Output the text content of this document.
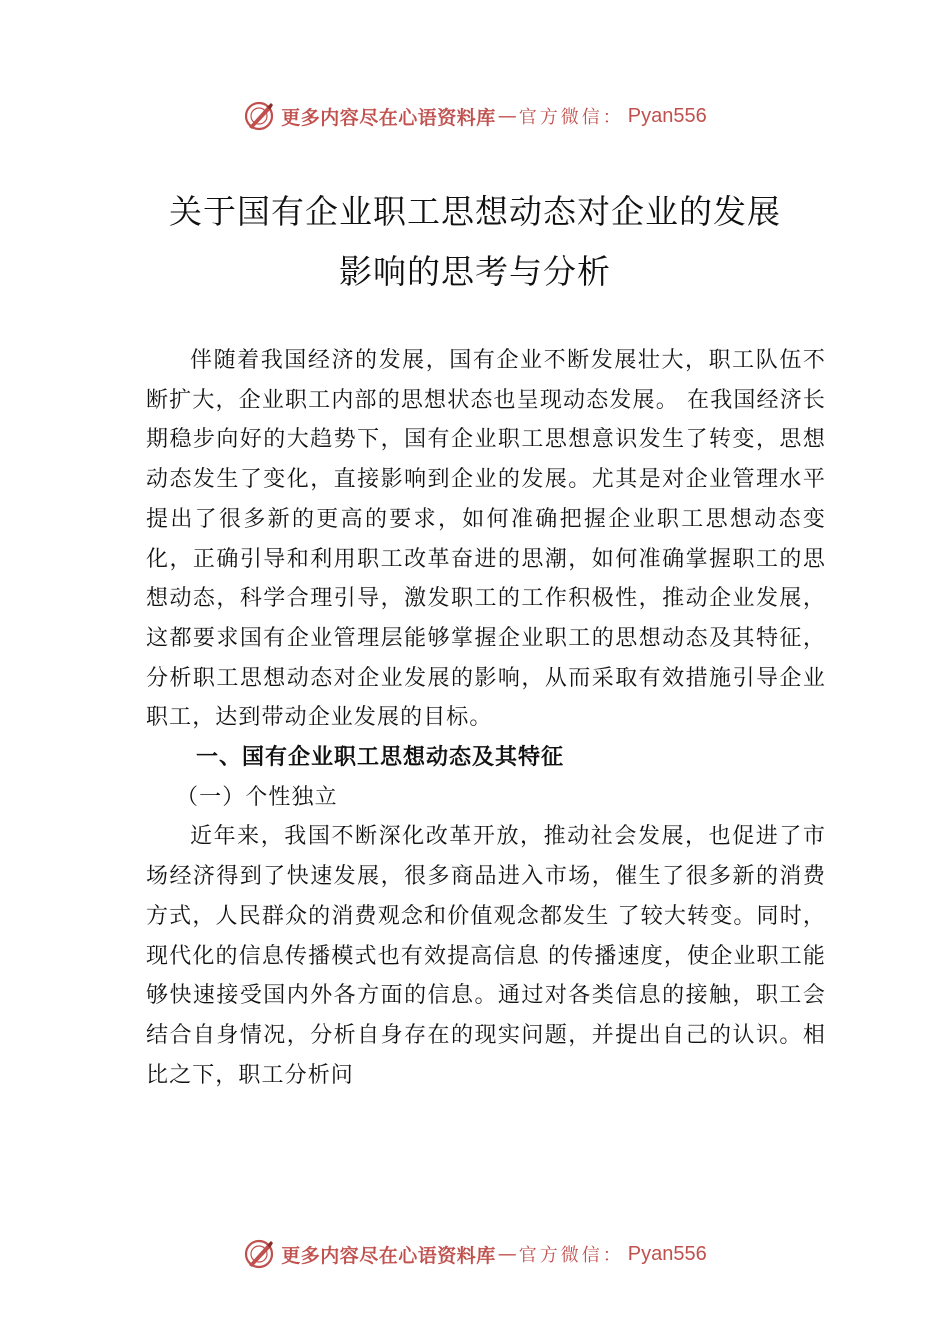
更多内容尽在心语资料库 — 官方微信： Pyan556
关于国有企业职工思想动态对企业的发展
影响的思考与分析

伴随着我国经济的发展，国有企业不断发展壮大，职工队伍不断扩大，企业职工内部的思想状态也呈现动态发展。 在我国经济长期稳步向好的大趋势下，国有企业职工思想意识发生了转变，思想动态发生了变化，直接影响到企业的发展。尤其是对企业管理水平提出了很多新的更高的要求，如何准确把握企业职工思想动态变化，正确引导和利用职工改革奋进的思潮，如何准确掌握职工的思想动态，科学合理引导，激发职工的工作积极性，推动企业发展，这都要求国有企业管理层能够掌握企业职工的思想动态及其特征，分析职工思想动态对企业发展的影响，从而采取有效措施引导企业职工，达到带动企业发展的目标。

一、国有企业职工思想动态及其特征

（一）个性独立

近年来，我国不断深化改革开放，推动社会发展，也促进了市场经济得到了快速发展，很多商品进入市场，催生了很多新的消费方式，人民群众的消费观念和价值观念都发生 了较大转变。同时，现代化的信息传播模式也有效提高信息 的传播速度，使企业职工能够快速接受国内外各方面的信息。通过对各类信息的接触，职工会结合自身情况，分析自身存在的现实问题，并提出自己的认识。相比之下，职工分析问

更多内容尽在心语资料库 — 官方微信： Pyan556
